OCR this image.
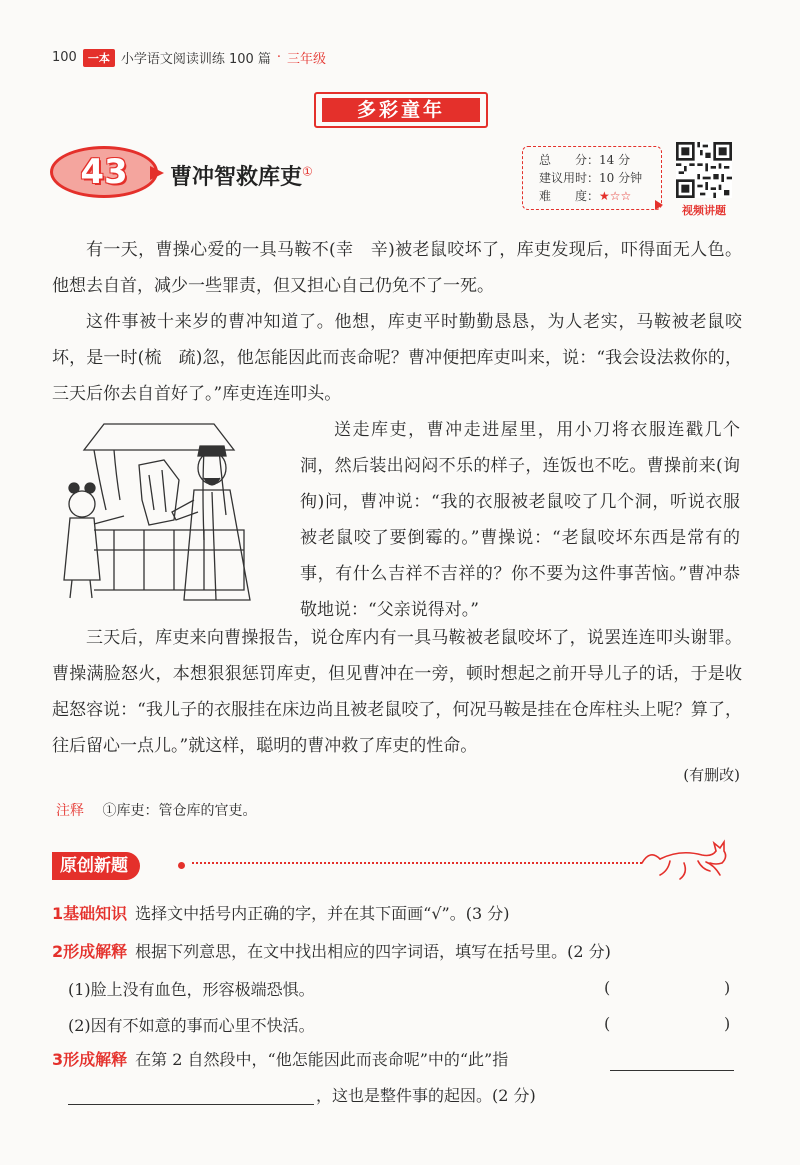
100	一本 小学语文阅读训练 100 篇 · 三年级
多彩童年
43	曹冲智救库吏①
总　　分：14 分
建议用时：10 分钟
难　　度：★☆☆
视频讲题

有一天，曹操心爱的一具马鞍不(幸　辛)被老鼠咬坏了，库吏发现后，吓得面无人色。他想去自首，减少一些罪责，但又担心自己仍免不了一死。

这件事被十来岁的曹冲知道了。他想，库吏平时勤勤恳恳，为人老实，马鞍被老鼠咬坏，是一时(梳　疏)忽，他怎能因此而丧命呢？曹冲便把库吏叫来，说：“我会设法救你的，三天后你去自首好了。”库吏连连叩头。

送走库吏，曹冲走进屋里，用小刀将衣服连戳几个洞，然后装出闷闷不乐的样子，连饭也不吃。曹操前来(询　徇)问，曹冲说：“我的衣服被老鼠咬了几个洞，听说衣服被老鼠咬了要倒霉的。”曹操说：“老鼠咬坏东西是常有的事，有什么吉祥不吉祥的？你不要为这件事苦恼。”曹冲恭敬地说：“父亲说得对。”

三天后，库吏来向曹操报告，说仓库内有一具马鞍被老鼠咬坏了，说罢连连叩头谢罪。曹操满脸怒火，本想狠狠惩罚库吏，但见曹冲在一旁，顿时想起之前开导儿子的话，于是收起怒容说：“我儿子的衣服挂在床边尚且被老鼠咬了，何况马鞍是挂在仓库柱头上呢？算了，往后留心一点儿。”就这样，聪明的曹冲救了库吏的性命。

(有删改)
注释 ①库吏：管仓库的官吏。
原创新题
1基础知识 选择文中括号内正确的字，并在其下面画“√”。(3 分)
2形成解释 根据下列意思，在文中找出相应的四字词语，填写在括号里。(2 分)
(1)脸上没有血色，形容极端恐惧。	(	)
(2)因有不如意的事而心里不快活。	(	)
3形成解释 在第 2 自然段中，“他怎能因此而丧命呢”中的“此”指
，这也是整件事的起因。(2 分)
